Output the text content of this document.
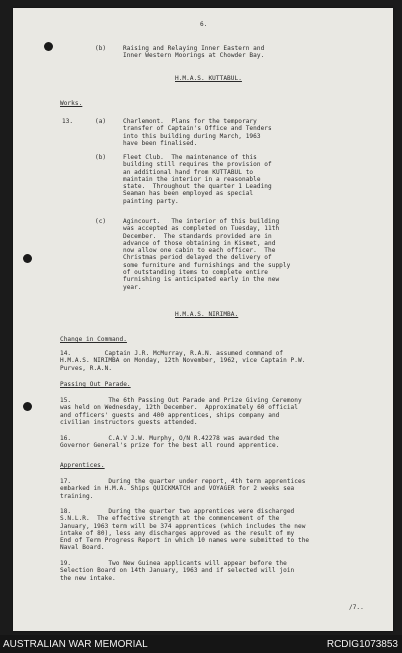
6.
(b)	Raising and Relaying Inner Eastern and
Inner Western Moorings at Chowder Bay.
H.M.A.S. KUTTABUL.
Works.
13.	(a)	Charlemont.  Plans for the temporary
transfer of Captain's Office and Tenders
into this building during March, 1963
have been finalised.
(b)	Fleet Club.  The maintenance of this
building still requires the provision of
an additional hand from KUTTABUL to
maintain the interior in a reasonable
state.  Throughout the quarter 1 Leading
Seaman has been employed as special
painting party.
(c)	Agincourt.   The interior of this building
was accepted as completed on Tuesday, 11th
December.  The standards provided are in
advance of those obtaining in Kismet, and
now allow one cabin to each officer.  The
Christmas period delayed the delivery of
some furniture and furnishings and the supply
of outstanding items to complete entire
furnishing is anticipated early in the new
year.
H.M.A.S. NIRIMBA.
Change in Command.
14.         Captain J.R. McMurray, R.A.N. assumed command of
H.M.A.S. NIRIMBA on Monday, 12th November, 1962, vice Captain P.W.
Purves, R.A.N.
Passing Out Parade.
15.          The 6th Passing Out Parade and Prize Giving Ceremony
was held on Wednesday, 12th December.  Approximately 60 official
and officers' guests and 400 apprentices, ships company and
civilian instructors guests attended.
16.          C.A.V J.W. Murphy, O/N R.42278 was awarded the
Governor General's prize for the best all round apprentice.
Apprentices.
17.          During the quarter under report, 4th term apprentices
embarked in H.M.A. Ships QUICKMATCH and VOYAGER for 2 weeks sea
training.
18.          During the quarter two apprentices were discharged
S.N.L.R.  The effective strength at the commencement of the
January, 1963 term will be 374 apprentices (which includes the new
intake of 80), less any discharges approved as the result of my
End of Term Progress Report in which 10 names were submitted to the
Naval Board.
19.          Two New Guinea applicants will appear before the
Selection Board on 14th January, 1963 and if selected will join
the new intake.
/7..
AUSTRALIAN WAR MEMORIAL	RCDIG1073853
